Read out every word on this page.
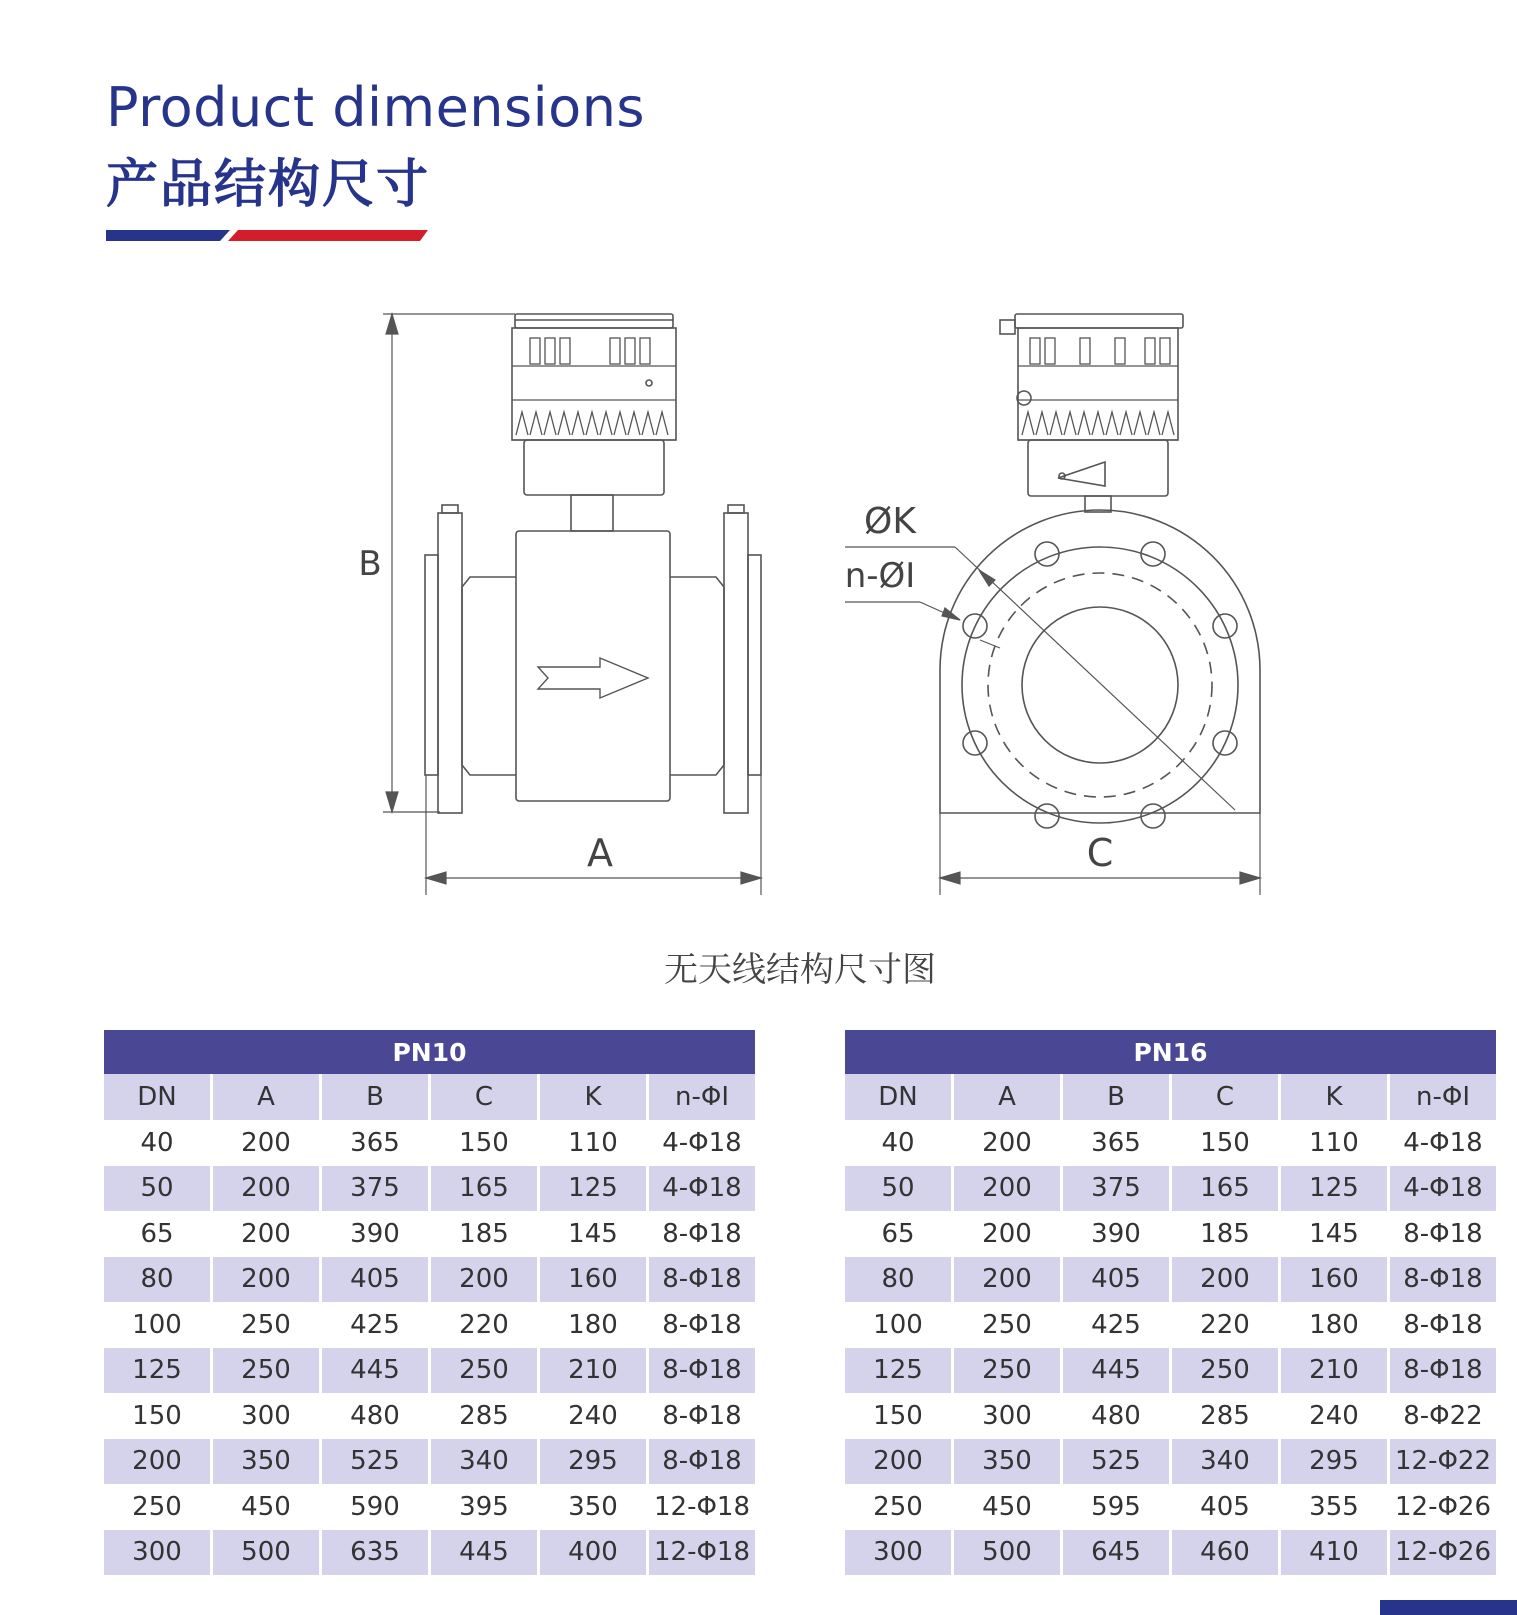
Product dimensions
产品结构尺寸
B
A
ØK
n-ØI
C

无天线结构尺寸图

PN10					
DN	A	B	C	K	n-ΦI
40	200	365	150	110	4-Φ18
50	200	375	165	125	4-Φ18
65	200	390	185	145	8-Φ18
80	200	405	200	160	8-Φ18
100	250	425	220	180	8-Φ18
125	250	445	250	210	8-Φ18
150	300	480	285	240	8-Φ18
200	350	525	340	295	8-Φ18
250	450	590	395	350	12-Φ18
300	500	635	445	400	12-Φ18
PN16					
DN	A	B	C	K	n-ΦI
40	200	365	150	110	4-Φ18
50	200	375	165	125	4-Φ18
65	200	390	185	145	8-Φ18
80	200	405	200	160	8-Φ18
100	250	425	220	180	8-Φ18
125	250	445	250	210	8-Φ18
150	300	480	285	240	8-Φ22
200	350	525	340	295	12-Φ22
250	450	595	405	355	12-Φ26
300	500	645	460	410	12-Φ26
